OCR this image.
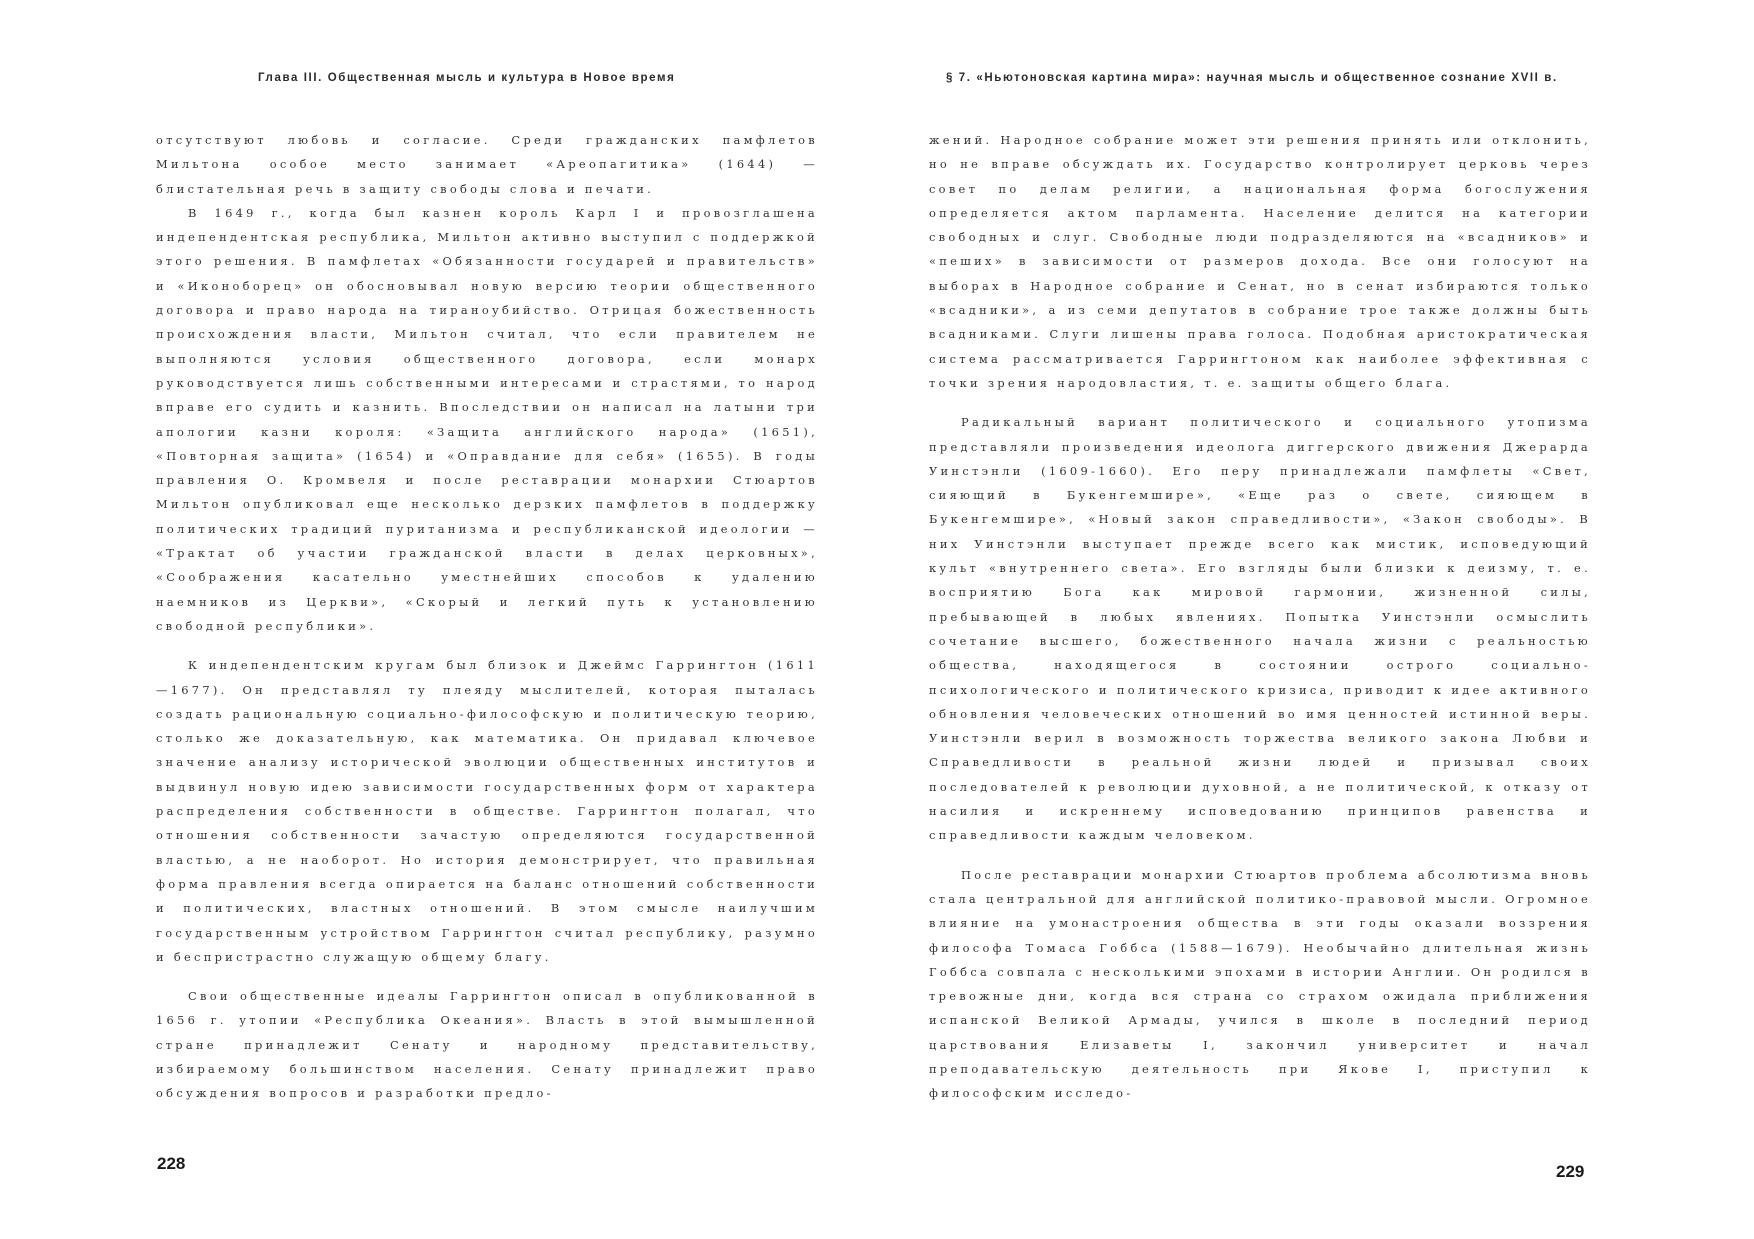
Глава III. Общественная мысль и культура в Новое время

отсутствуют любовь и согласие. Среди гражданских памфлетов Мильтона особое место занимает «Ареопагитика» (1644) — блистательная речь в защиту свободы слова и печати.

В 1649 г., когда был казнен король Карл I и провозглашена индепендентская республика, Мильтон активно выступил с поддержкой этого решения. В памфлетах «Обязанности государей и правительств» и «Иконоборец» он обосновывал новую версию теории общественного договора и право народа на тираноубийство. Отрицая божественность происхождения власти, Мильтон считал, что если правителем не выполняются условия общественного договора, если монарх руководствуется лишь собственными интересами и страстями, то народ вправе его судить и казнить. Впоследствии он написал на латыни три апологии казни короля: «Защита английского народа» (1651), «Повторная защита» (1654) и «Оправдание для себя» (1655). В годы правления О. Кромвеля и после реставрации монархии Стюартов Мильтон опубликовал еще несколько дерзких памфлетов в поддержку политических традиций пуританизма и республиканской идеологии — «Трактат об участии гражданской власти в делах церковных», «Соображения касательно уместнейших способов к удалению наемников из Церкви», «Скорый и легкий путь к установлению свободной республики».

К индепендентским кругам был близок и Джеймс Гаррингтон (1611—1677). Он представлял ту плеяду мыслителей, которая пыталась создать рациональную социально-философскую и политическую теорию, столько же доказательную, как математика. Он придавал ключевое значение анализу исторической эволюции общественных институтов и выдвинул новую идею зависимости государственных форм от характера распределения собственности в обществе. Гаррингтон полагал, что отношения собственности зачастую определяются государственной властью, а не наоборот. Но история демонстрирует, что правильная форма правления всегда опирается на баланс отношений собственности и политических, властных отношений. В этом смысле наилучшим государственным устройством Гаррингтон считал республику, разумно и беспристрастно служащую общему благу.

Свои общественные идеалы Гаррингтон описал в опубликованной в 1656 г. утопии «Республика Океания». Власть в этой вымышленной стране принадлежит Сенату и народному представительству, избираемому большинством населения. Сенату принадлежит право обсуждения вопросов и разработки предло-

228
§ 7. «Ньютоновская картина мира»: научная мысль и общественное сознание XVII в.

жений. Народное собрание может эти решения принять или отклонить, но не вправе обсуждать их. Государство контролирует церковь через совет по делам религии, а национальная форма богослужения определяется актом парламента. Население делится на категории свободных и слуг. Свободные люди подразделяются на «всадников» и «пеших» в зависимости от размеров дохода. Все они голосуют на выборах в Народное собрание и Сенат, но в сенат избираются только «всадники», а из семи депутатов в собрание трое также должны быть всадниками. Слуги лишены права голоса. Подобная аристократическая система рассматривается Гаррингтоном как наиболее эффективная с точки зрения народовластия, т. е. защиты общего блага.

Радикальный вариант политического и социального утопизма представляли произведения идеолога диггерского движения Джерарда Уинстэнли (1609-1660). Его перу принадлежали памфлеты «Свет, сияющий в Букенгемшире», «Еще раз о свете, сияющем в Букенгемшире», «Новый закон справедливости», «Закон свободы». В них Уинстэнли выступает прежде всего как мистик, исповедующий культ «внутреннего света». Его взгляды были близки к деизму, т. е. восприятию Бога как мировой гармонии, жизненной силы, пребывающей в любых явлениях. Попытка Уинстэнли осмыслить сочетание высшего, божественного начала жизни с реальностью общества, находящегося в состоянии острого социально-психологического и политического кризиса, приводит к идее активного обновления человеческих отношений во имя ценностей истинной веры. Уинстэнли верил в возможность торжества великого закона Любви и Справедливости в реальной жизни людей и призывал своих последователей к революции духовной, а не политической, к отказу от насилия и искреннему исповедованию принципов равенства и справедливости каждым человеком.

После реставрации монархии Стюартов проблема абсолютизма вновь стала центральной для английской политико-правовой мысли. Огромное влияние на умонастроения общества в эти годы оказали воззрения философа Томаса Гоббса (1588—1679). Необычайно длительная жизнь Гоббса совпала с несколькими эпохами в истории Англии. Он родился в тревожные дни, когда вся страна со страхом ожидала приближения испанской Великой Армады, учился в школе в последний период царствования Елизаветы I, закончил университет и начал преподавательскую деятельность при Якове I, приступил к философским исследо-

229
